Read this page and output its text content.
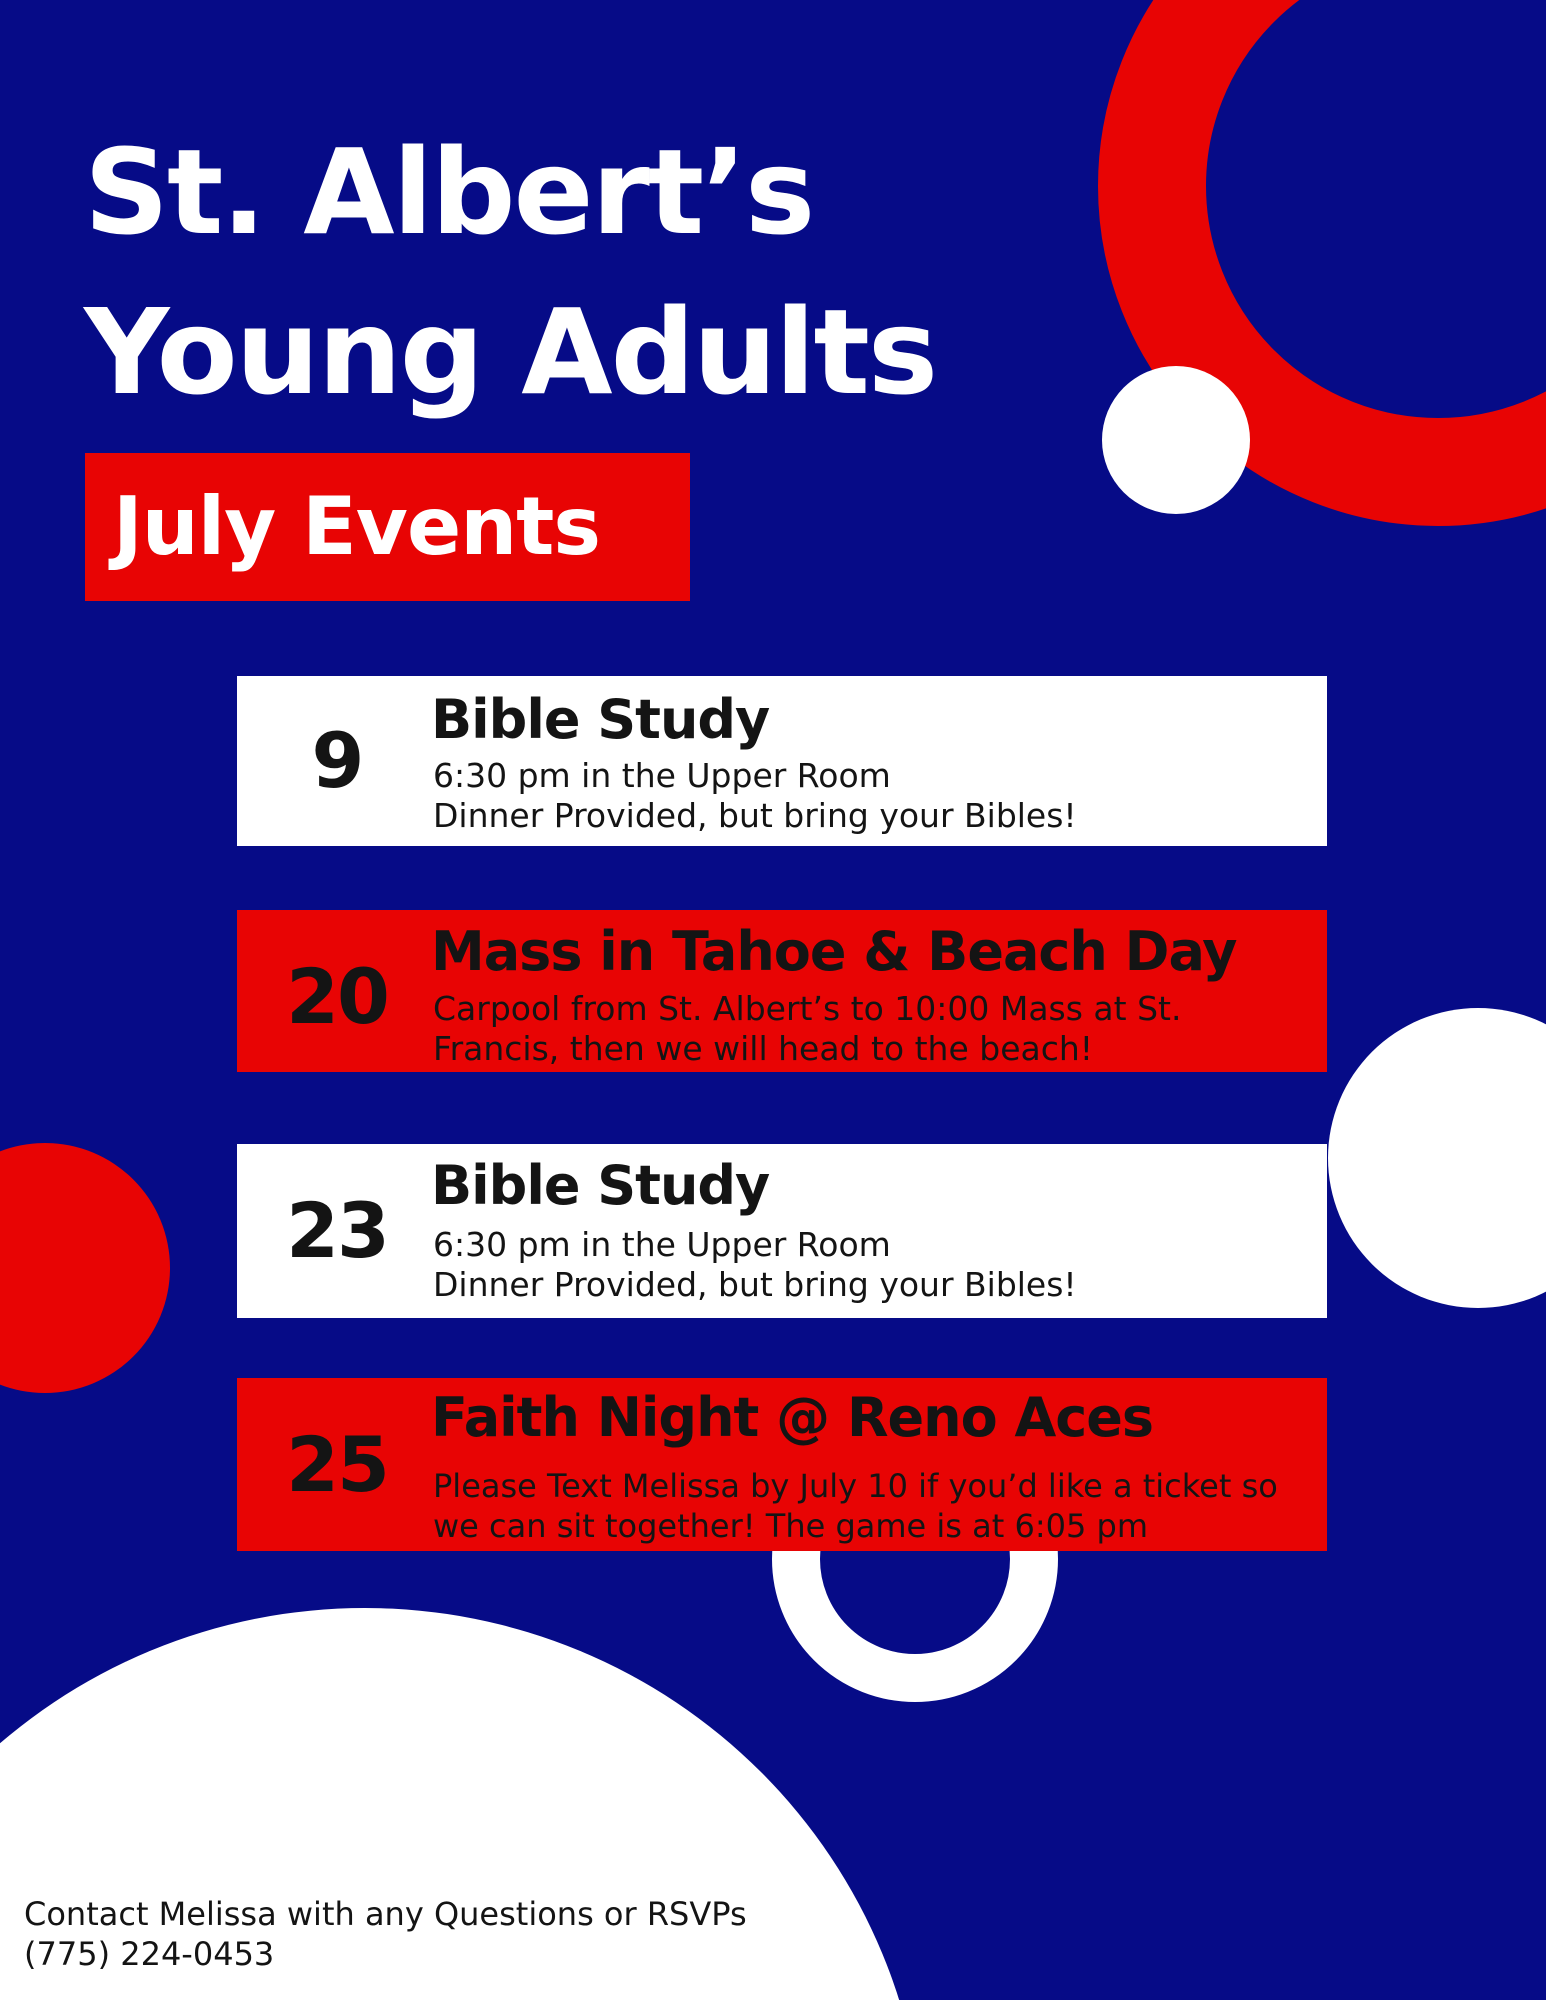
St. Albert’s
Young Adults
July Events
9	Bible Study
6:30 pm in the Upper Room
Dinner Provided, but bring your Bibles!
20
Mass in Tahoe & Beach Day
Carpool from St. Albert’s to 10:00 Mass at St.
Francis, then we will head to the beach!
23
Bible Study
6:30 pm in the Upper Room
Dinner Provided, but bring your Bibles!
25
Faith Night @ Reno Aces
Please Text Melissa by July 10 if you’d like a ticket so
we can sit together! The game is at 6:05 pm
Contact Melissa with any Questions or RSVPs
(775) 224-0453
